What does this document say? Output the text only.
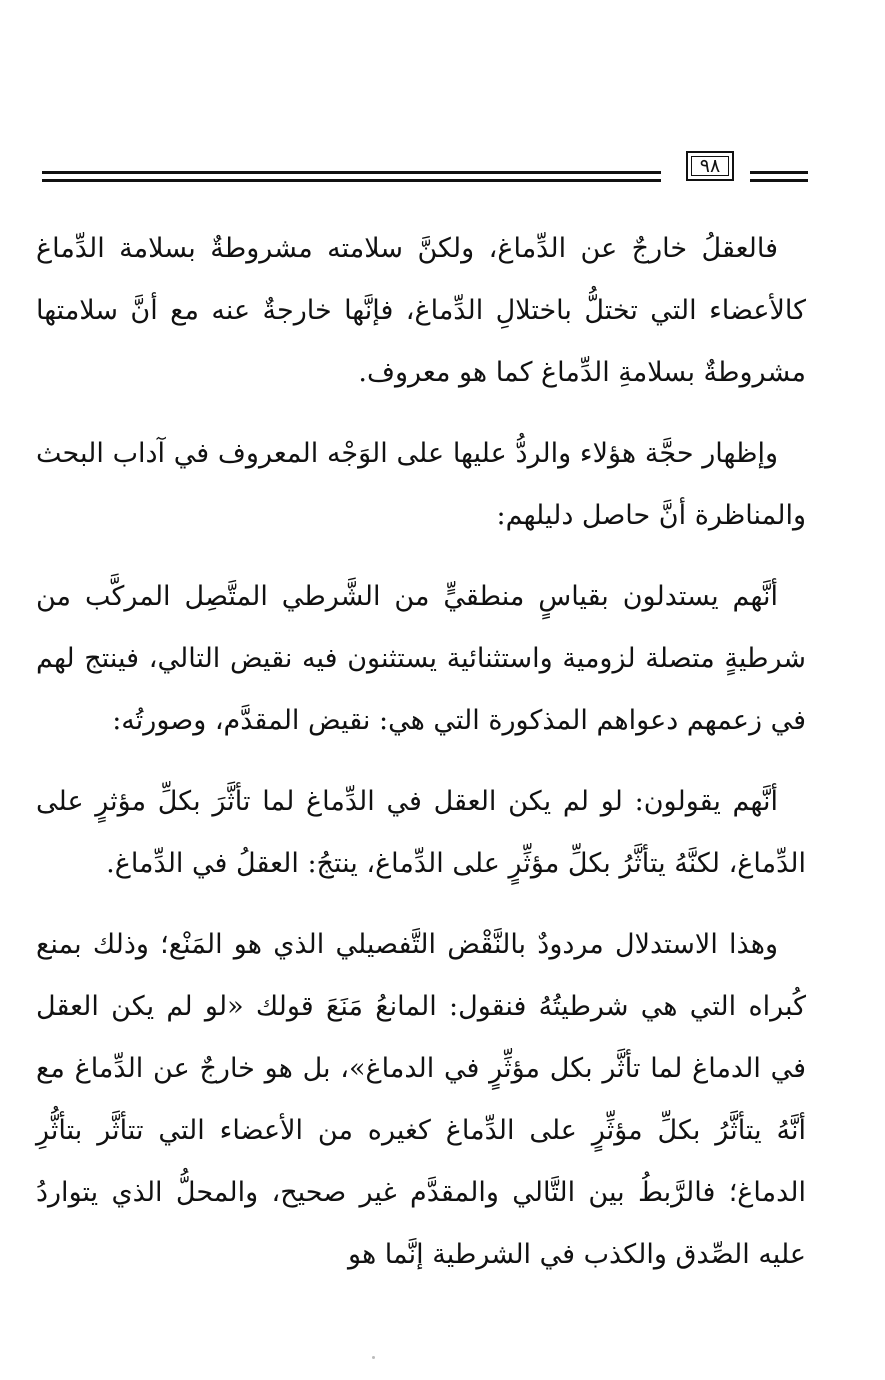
٩٨

فالعقلُ خارجٌ عن الدِّماغ، ولكنَّ سلامته مشروطةٌ بسلامة الدِّماغ كالأعضاء التي تختلُّ باختلالِ الدِّماغ، فإنَّها خارجةٌ عنه مع أنَّ سلامتها مشروطةٌ بسلامةِ الدِّماغ كما هو معروف.

وإظهار حجَّة هؤلاء والردُّ عليها على الوَجْه المعروف في آداب البحث والمناظرة أنَّ حاصل دليلهم:

أنَّهم يستدلون بقياسٍ منطقيٍّ من الشَّرطي المتَّصِل المركَّب من شرطيةٍ متصلة لزومية واستثنائية يستثنون فيه نقيض التالي، فينتج لهم في زعمهم دعواهم المذكورة التي هي: نقيض المقدَّم، وصورتُه:

أنَّهم يقولون: لو لم يكن العقل في الدِّماغ لما تأثَّرَ بكلِّ مؤثرٍ على الدِّماغ، لكنَّهُ يتأثَّرُ بكلِّ مؤثِّرٍ على الدِّماغ، ينتجُ: العقلُ في الدِّماغ.

وهذا الاستدلال مردودٌ بالنَّقْض التَّفصيلي الذي هو المَنْع؛ وذلك بمنع كُبراه التي هي شرطيتُهُ فنقول: المانعُ مَنَعَ قولك «لو لم يكن العقل في الدماغ لما تأثَّر بكل مؤثِّرٍ في الدماغ»، بل هو خارجٌ عن الدِّماغ مع أنَّهُ يتأثَّرُ بكلِّ مؤثِّرٍ على الدِّماغ كغيره من الأعضاء التي تتأثَّر بتأثُّرِ الدماغ؛ فالرَّبطُ بين التَّالي والمقدَّم غير صحيح، والمحلُّ الذي يتواردُ عليه الصِّدق والكذب في الشرطية إنَّما هو
